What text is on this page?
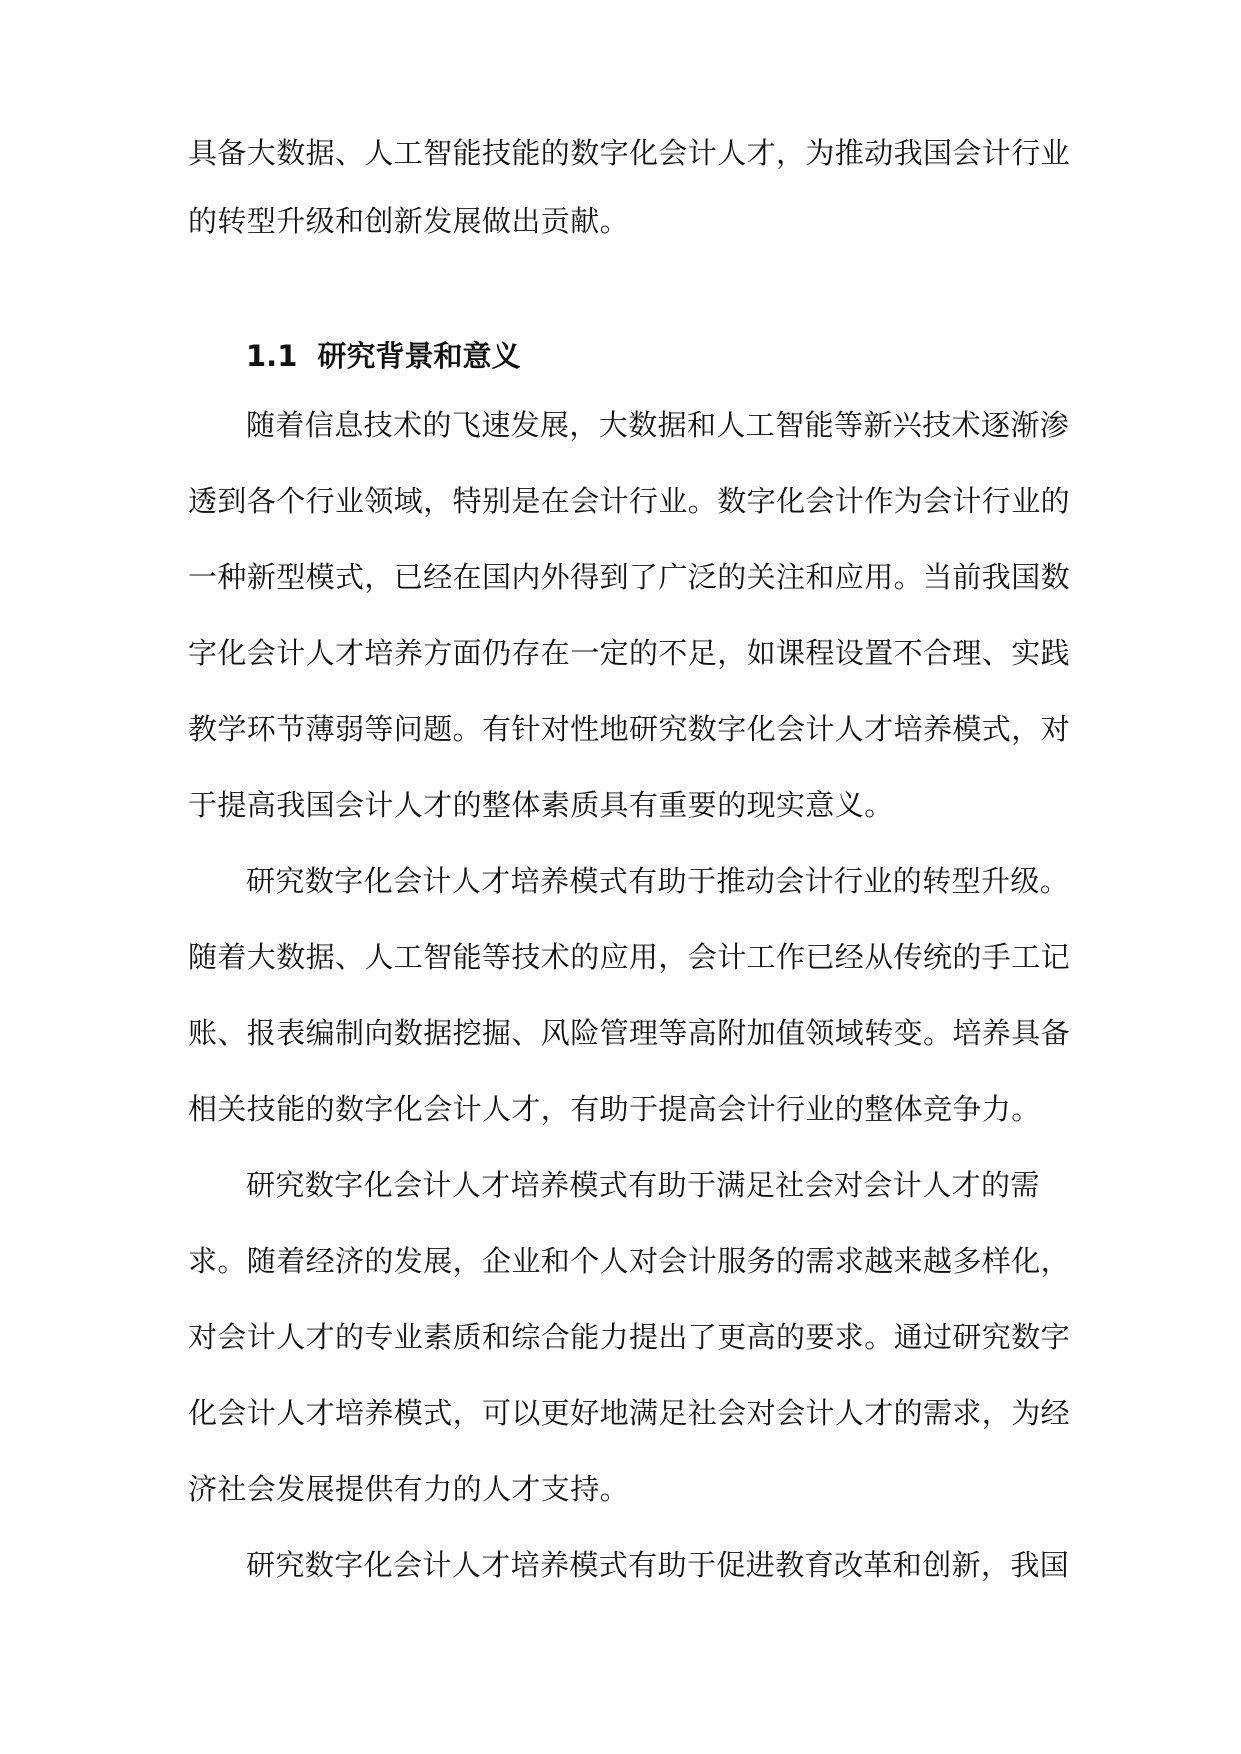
具备大数据、人工智能技能的数字化会计人才，为推动我国会计行业
的转型升级和创新发展做出贡献。
1.1 研究背景和意义
随着信息技术的飞速发展，大数据和人工智能等新兴技术逐渐渗
透到各个行业领域，特别是在会计行业。数字化会计作为会计行业的
一种新型模式，已经在国内外得到了广泛的关注和应用。当前我国数
字化会计人才培养方面仍存在一定的不足，如课程设置不合理、实践
教学环节薄弱等问题。有针对性地研究数字化会计人才培养模式，对
于提高我国会计人才的整体素质具有重要的现实意义。
研究数字化会计人才培养模式有助于推动会计行业的转型升级。
随着大数据、人工智能等技术的应用，会计工作已经从传统的手工记
账、报表编制向数据挖掘、风险管理等高附加值领域转变。培养具备
相关技能的数字化会计人才，有助于提高会计行业的整体竞争力。
研究数字化会计人才培养模式有助于满足社会对会计人才的需
求。随着经济的发展，企业和个人对会计服务的需求越来越多样化，
对会计人才的专业素质和综合能力提出了更高的要求。通过研究数字
化会计人才培养模式，可以更好地满足社会对会计人才的需求，为经
济社会发展提供有力的人才支持。
研究数字化会计人才培养模式有助于促进教育改革和创新，我国
